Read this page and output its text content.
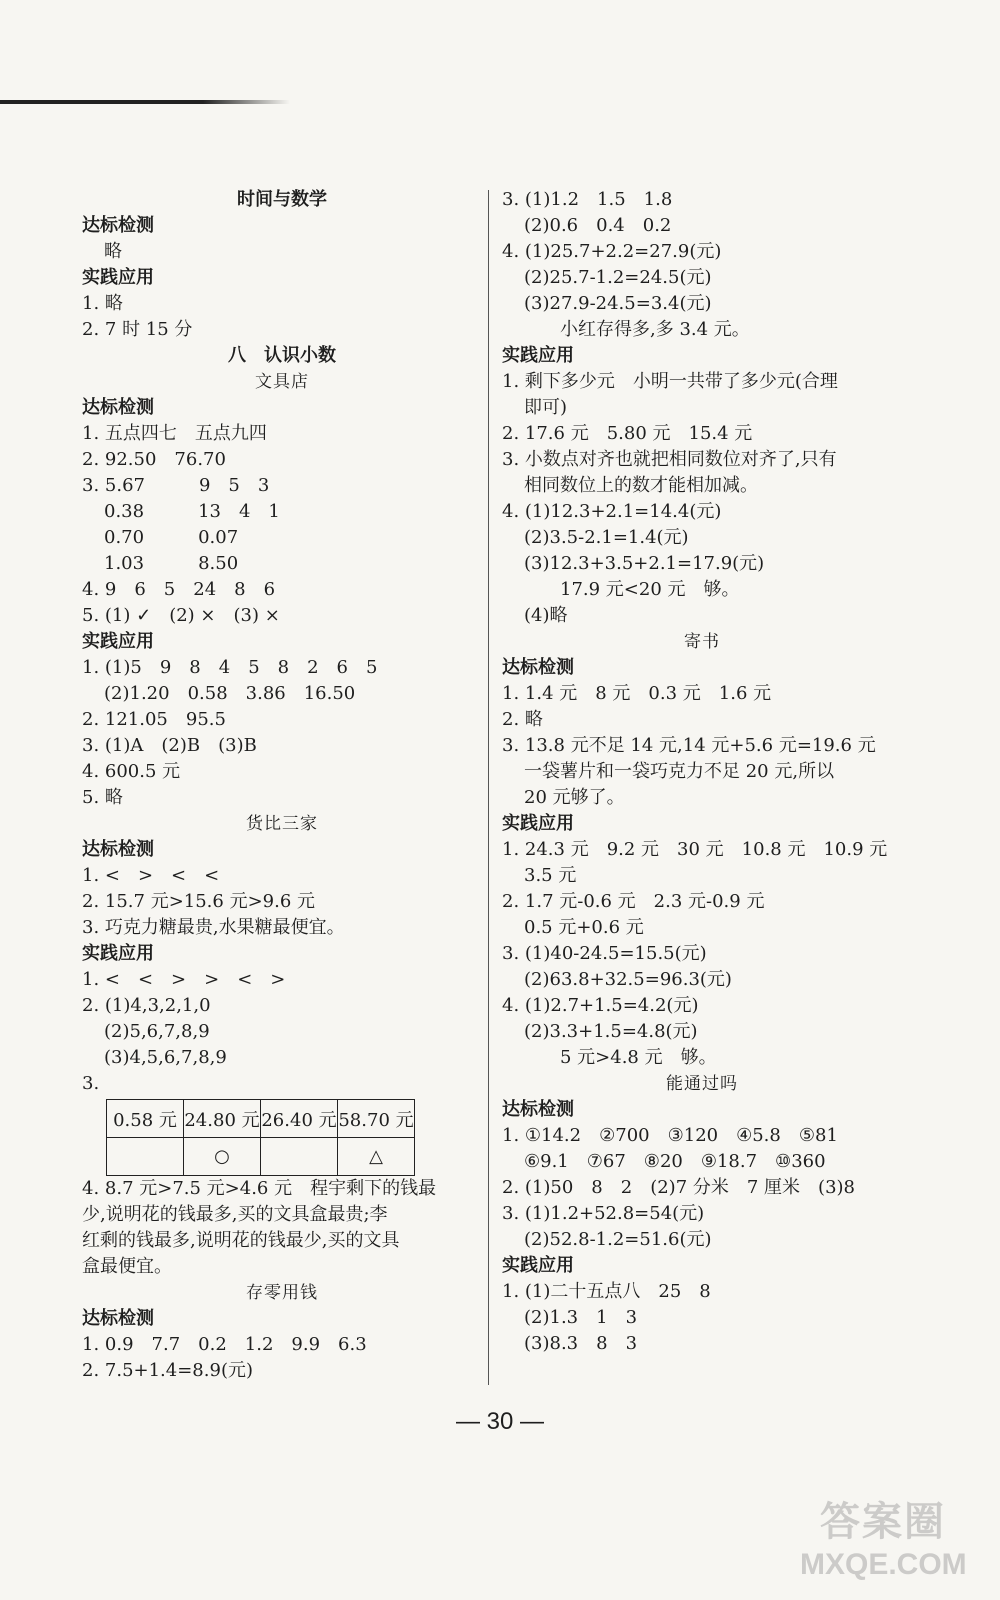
时间与数学
达标检测
略
实践应用
1. 略
2. 7 时 15 分
八　认识小数
文具店
达标检测
1. 五点四七　五点九四
2. 92.50　76.70
3. 5.67　　　9　5　3
0.38　　　13　4　1
0.70　　　0.07
1.03　　　8.50
4. 9　6　5　24　8　6
5. (1) ✓　(2) ×　(3) ×
实践应用
1. (1)5　9　8　4　5　8　2　6　5
(2)1.20　0.58　3.86　16.50
2. 121.05　95.5
3. (1)A　(2)B　(3)B
4. 600.5 元
5. 略
货比三家
达标检测
1. <　>　<　<
2. 15.7 元>15.6 元>9.6 元
3. 巧克力糖最贵,水果糖最便宜。
实践应用
1. <　<　>　>　<　>
2. (1)4,3,2,1,0
(2)5,6,7,8,9
(3)4,5,6,7,8,9
3.
0.58 元	24.80 元	26.40 元	58.70 元
	○		△
4. 8.7 元>7.5 元>4.6 元　程宇剩下的钱最
少,说明花的钱最多,买的文具盒最贵;李
红剩的钱最多,说明花的钱最少,买的文具
盒最便宜。
存零用钱
达标检测
1. 0.9　7.7　0.2　1.2　9.9　6.3
2. 7.5+1.4=8.9(元)
3. (1)1.2　1.5　1.8
(2)0.6　0.4　0.2
4. (1)25.7+2.2=27.9(元)
(2)25.7-1.2=24.5(元)
(3)27.9-24.5=3.4(元)
小红存得多,多 3.4 元。
实践应用
1. 剩下多少元　小明一共带了多少元(合理
即可)
2. 17.6 元　5.80 元　15.4 元
3. 小数点对齐也就把相同数位对齐了,只有
相同数位上的数才能相加减。
4. (1)12.3+2.1=14.4(元)
(2)3.5-2.1=1.4(元)
(3)12.3+3.5+2.1=17.9(元)
17.9 元<20 元　够。
(4)略
寄书
达标检测
1. 1.4 元　8 元　0.3 元　1.6 元
2. 略
3. 13.8 元不足 14 元,14 元+5.6 元=19.6 元
一袋薯片和一袋巧克力不足 20 元,所以
20 元够了。
实践应用
1. 24.3 元　9.2 元　30 元　10.8 元　10.9 元
3.5 元
2. 1.7 元-0.6 元　2.3 元-0.9 元
0.5 元+0.6 元
3. (1)40-24.5=15.5(元)
(2)63.8+32.5=96.3(元)
4. (1)2.7+1.5=4.2(元)
(2)3.3+1.5=4.8(元)
5 元>4.8 元　够。
能通过吗
达标检测
1. ①14.2　②700　③120　④5.8　⑤81
⑥9.1　⑦67　⑧20　⑨18.7　⑩360
2. (1)50　8　2　(2)7 分米　7 厘米　(3)8
3. (1)1.2+52.8=54(元)
(2)52.8-1.2=51.6(元)
实践应用
1. (1)二十五点八　25　8
(2)1.3　1　3
(3)8.3　8　3
— 30 —
答案圈
MXQE.COM
